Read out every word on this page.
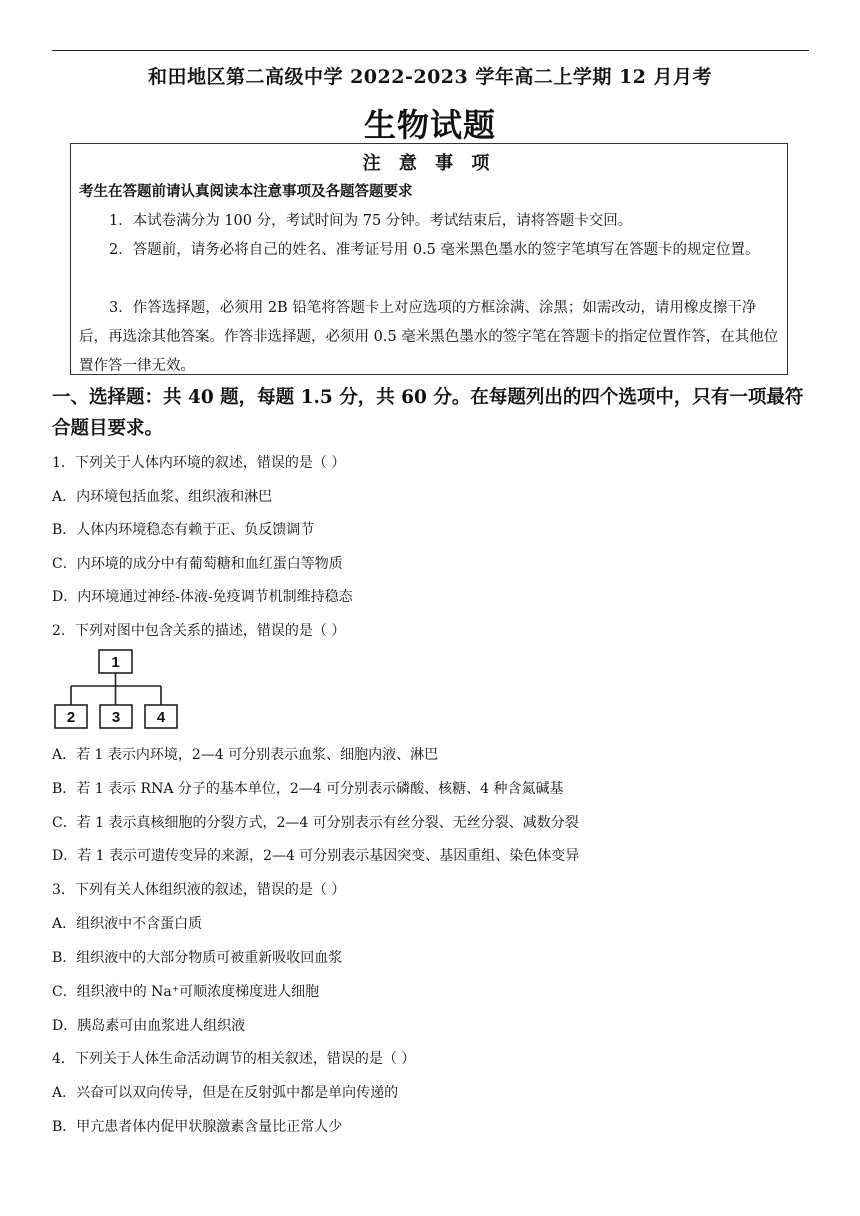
和田地区第二高级中学 2022-2023 学年高二上学期 12 月月考
生物试题
注 意 事 项
考生在答题前请认真阅读本注意事项及各题答题要求
1．本试卷满分为 100 分，考试时间为 75 分钟。考试结束后，请将答题卡交回。
2．答题前，请务必将自己的姓名、准考证号用 0.5 毫米黑色墨水的签字笔填写在答题卡的规定位置。
3．作答选择题，必须用 2B 铅笔将答题卡上对应选项的方框涂满、涂黑；如需改动，请用橡皮擦干净后，再选涂其他答案。作答非选择题，必须用 0.5 毫米黑色墨水的签字笔在答题卡的指定位置作答，在其他位置作答一律无效。
一、选择题：共 40 题，每题 1.5 分，共 60 分。在每题列出的四个选项中，只有一项最符合题目要求。
1．下列关于人体内环境的叙述，错误的是（ ）
A．内环境包括血浆、组织液和淋巴
B．人体内环境稳态有赖于正、负反馈调节
C．内环境的成分中有葡萄糖和血红蛋白等物质
D．内环境通过神经-体液-免疫调节机制维持稳态
2．下列对图中包含关系的描述，错误的是（ ）
1
2 3 4
A．若 1 表示内环境，2—4 可分别表示血浆、细胞内液、淋巴
B．若 1 表示 RNA 分子的基本单位，2—4 可分别表示磷酸、核糖、4 种含氮碱基
C．若 1 表示真核细胞的分裂方式，2—4 可分别表示有丝分裂、无丝分裂、减数分裂
D．若 1 表示可遗传变异的来源，2—4 可分别表示基因突变、基因重组、染色体变异
3．下列有关人体组织液的叙述，错误的是（ ）
A．组织液中不含蛋白质
B．组织液中的大部分物质可被重新吸收回血浆
C．组织液中的 Na⁺可顺浓度梯度进人细胞
D．胰岛素可由血浆进人组织液
4．下列关于人体生命活动调节的相关叙述，错误的是（ ）
A．兴奋可以双向传导，但是在反射弧中都是单向传递的
B．甲亢患者体内促甲状腺激素含量比正常人少
